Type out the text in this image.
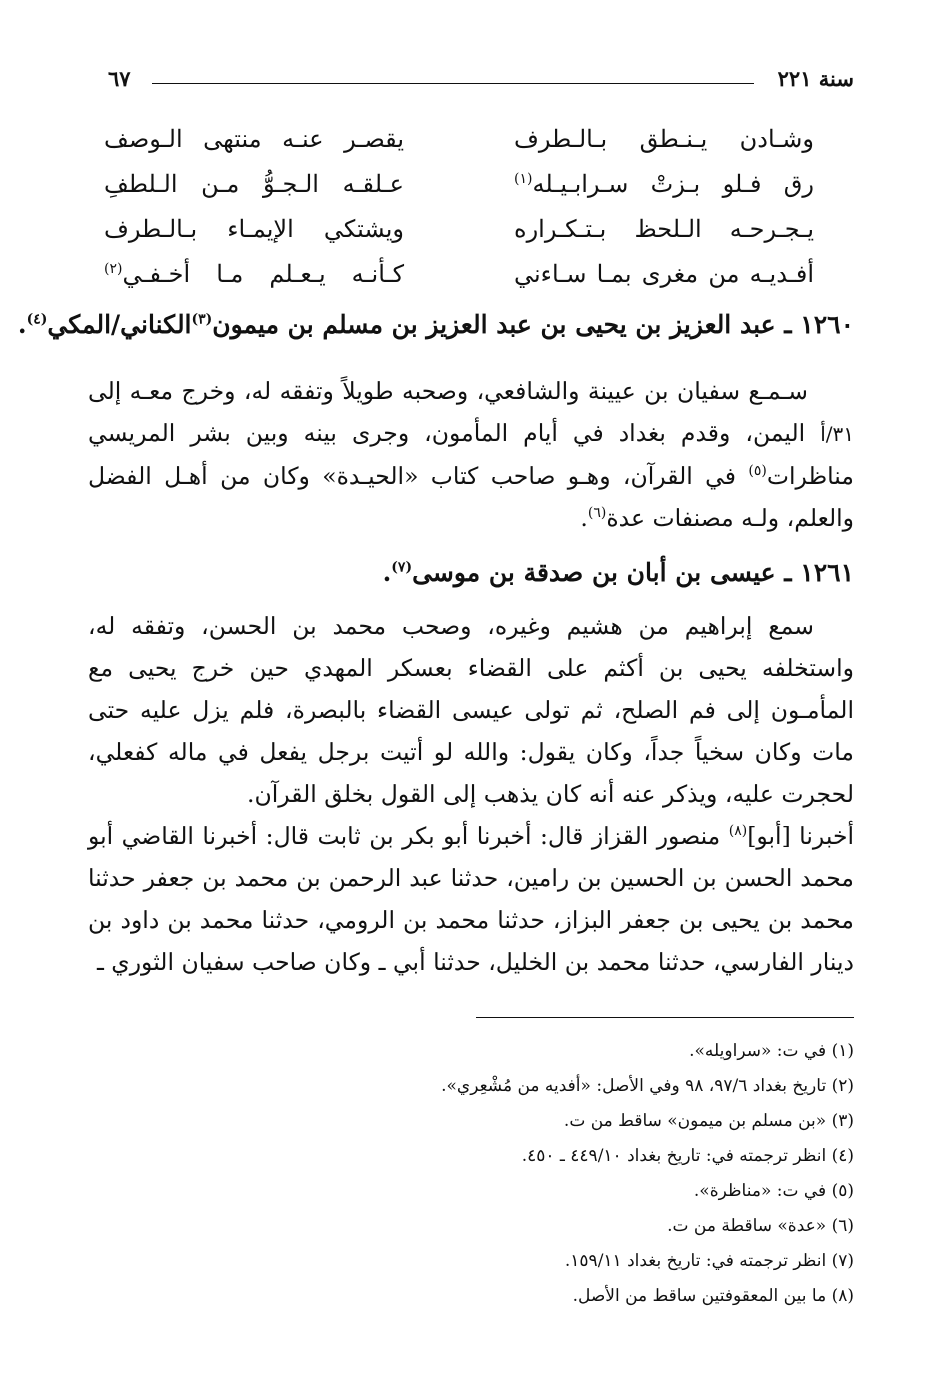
سنة ٢٢١
٦٧
وشـادن يـنـطق بـالـطرف
يقصـر عنـه منتهى الـوصف
رق فـلو بـزتْ سـرابـيـله$^{(١)}$
عـلقـه الـجـوُّ مـن الـلطفِ
يـجـرحـه الـلحظ بـتـكـراره
ويشتكي الإيمـاء بـالـطرف
أفـديـه من مغرى بمـا سـاءني
كـأنـه يـعـلم مـا أخـفـي$^{(٢)}$
١٢٦٠ ـ عبد العزيز بن يحيى بن عبد العزيز بن مسلم بن ميمون$^{(٣)}$الكناني/المكي$^{(٤)}$.
سـمـع سفيان بن عيينة والشافعي، وصحبه طويلاً وتفقه له، وخرج معـه إلى ٣١/أ اليمن، وقدم بغداد في أيام المأمون، وجرى بينه وبين بشر المريسي مناظرات$^{(٥)}$ في القرآن، وهـو صاحب كتاب «الحيـدة» وكان من أهـل الفضل والعلم، ولـه مصنفات عدة$^{(٦)}$.
١٢٦١ ـ عيسى بن أبان بن صدقة بن موسى$^{(٧)}$.
سمع إبراهيم من هشيم وغيره، وصحب محمد بن الحسن، وتفقه له، واستخلفه يحيى بن أكثم على القضاء بعسكر المهدي حين خرج يحيى مع المأمـون إلى فم الصلح، ثم تولى عيسى القضاء بالبصرة، فلم يزل عليه حتى مات وكان سخياً جداً، وكان يقول: والله لو أتيت برجل يفعل في ماله كفعلي، لحجرت عليه، ويذكر عنه أنه كان يذهب إلى القول بخلق القرآن.
أخبرنا [أبو]$^{(٨)}$ منصور القزاز قال: أخبرنا أبو بكر بن ثابت قال: أخبرنا القاضي أبو محمد الحسن بن الحسين بن رامين، حدثنا عبد الرحمن بن محمد بن جعفر حدثنا محمد بن يحيى بن جعفر البزاز، حدثنا محمد بن الرومي، حدثنا محمد بن داود بن دينار الفارسي، حدثنا محمد بن الخليل، حدثنا أبي ـ وكان صاحب سفيان الثوري ـ
(١) في ت: «سراويله».
(٢) تاريخ بغداد ٩٧/٦، ٩٨ وفي الأصل: «أفديه من مُشْعِري».
(٣) «بن مسلم بن ميمون» ساقط من ت.
(٤) انظر ترجمته في: تاريخ بغداد ٤٤٩/١٠ ـ ٤٥٠.
(٥) في ت: «مناظرة».
(٦) «عدة» ساقطة من ت.
(٧) انظر ترجمته في: تاريخ بغداد ١٥٩/١١.
(٨) ما بين المعقوفتين ساقط من الأصل.
